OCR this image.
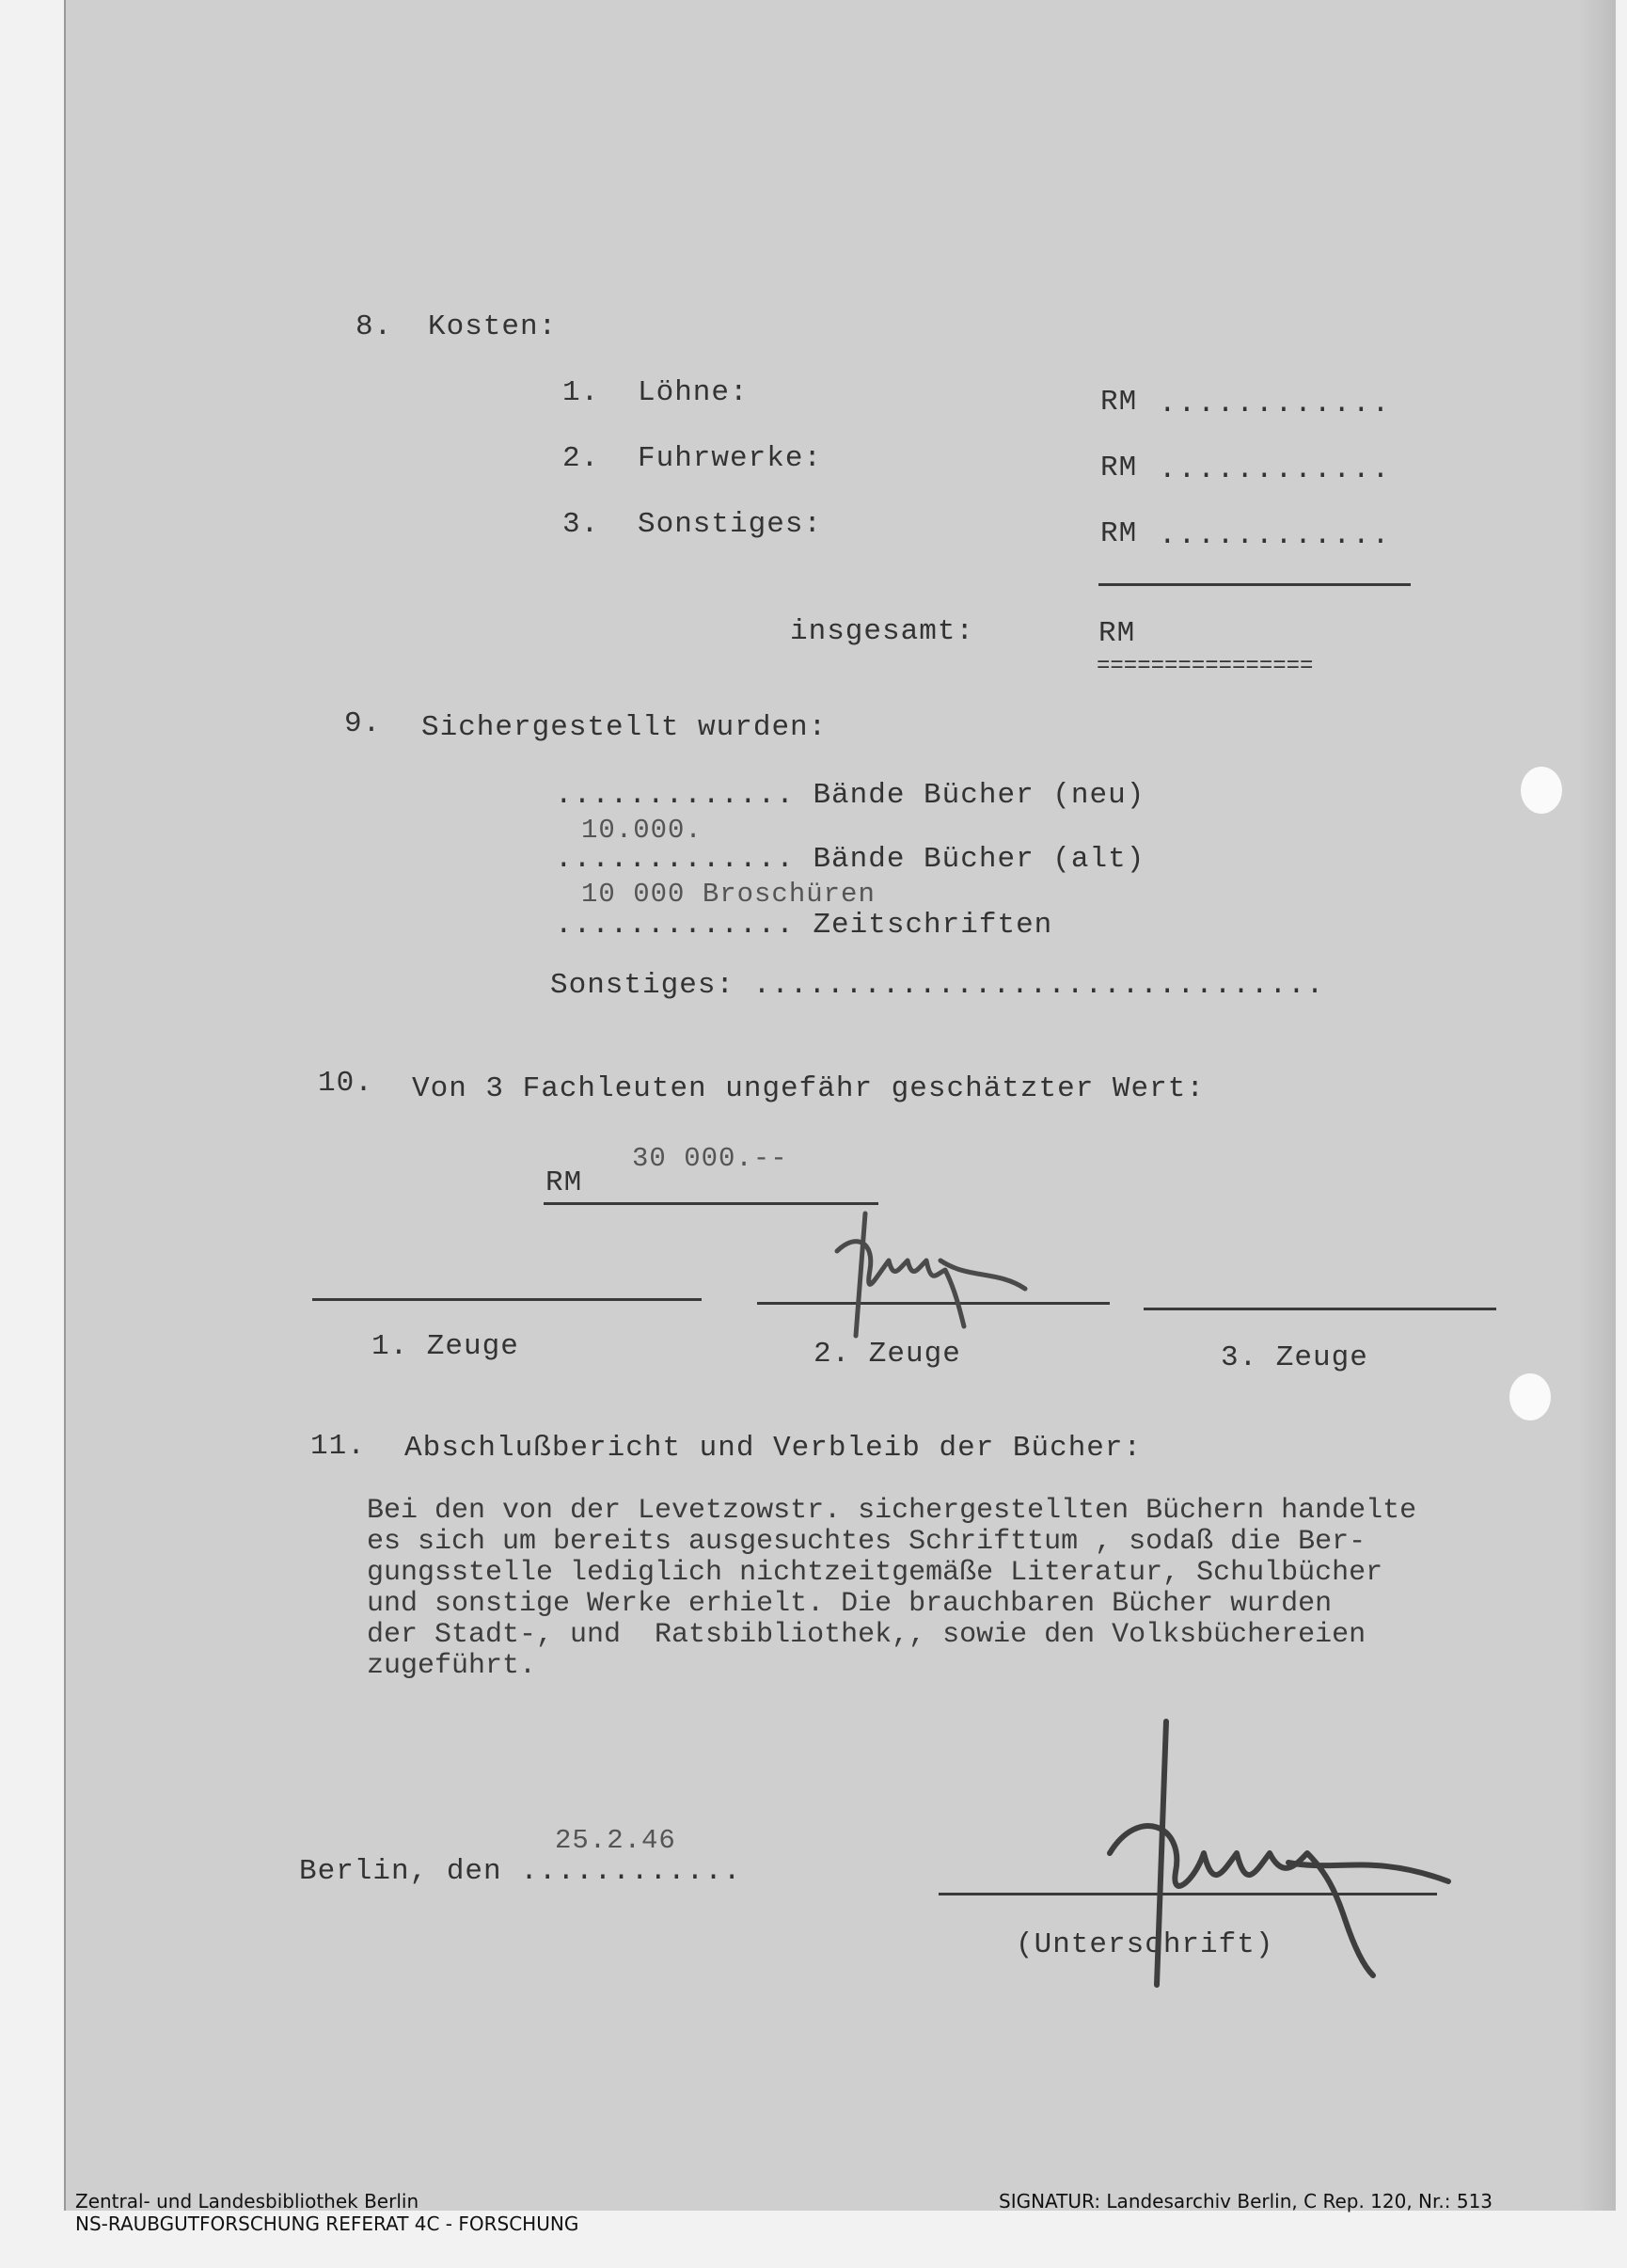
8. Kosten:
1. Löhne:	RM ............
2. Fuhrwerke:	RM ............
3. Sonstiges:	RM ............
insgesamt:	RM
================
9. Sichergestellt wurden:
............. Bände Bücher (neu)
10.000.
............. Bände Bücher (alt)
10 000 Broschüren
............. Zeitschriften
Sonstiges: ...............................
10. Von 3 Fachleuten ungefähr geschätzter Wert:
30 000.--
RM
1. Zeuge	2. Zeuge	3. Zeuge
11. Abschlußbericht und Verbleib der Bücher:
Bei den von der Levetzowstr. sichergestellten Büchern handelte
es sich um bereits ausgesuchtes Schrifttum , sodaß die Ber-
gungsstelle lediglich nichtzeitgemäße Literatur, Schulbücher
und sonstige Werke erhielt. Die brauchbaren Bücher wurden
der Stadt-, und  Ratsbibliothek,, sowie den Volksbüchereien
zugeführt.
25.2.46
Berlin, den ............
(Unterschrift)
Zentral- und Landesbibliothek Berlin
NS-RAUBGUTFORSCHUNG REFERAT 4C - FORSCHUNG
SIGNATUR: Landesarchiv Berlin, C Rep. 120, Nr.: 513
